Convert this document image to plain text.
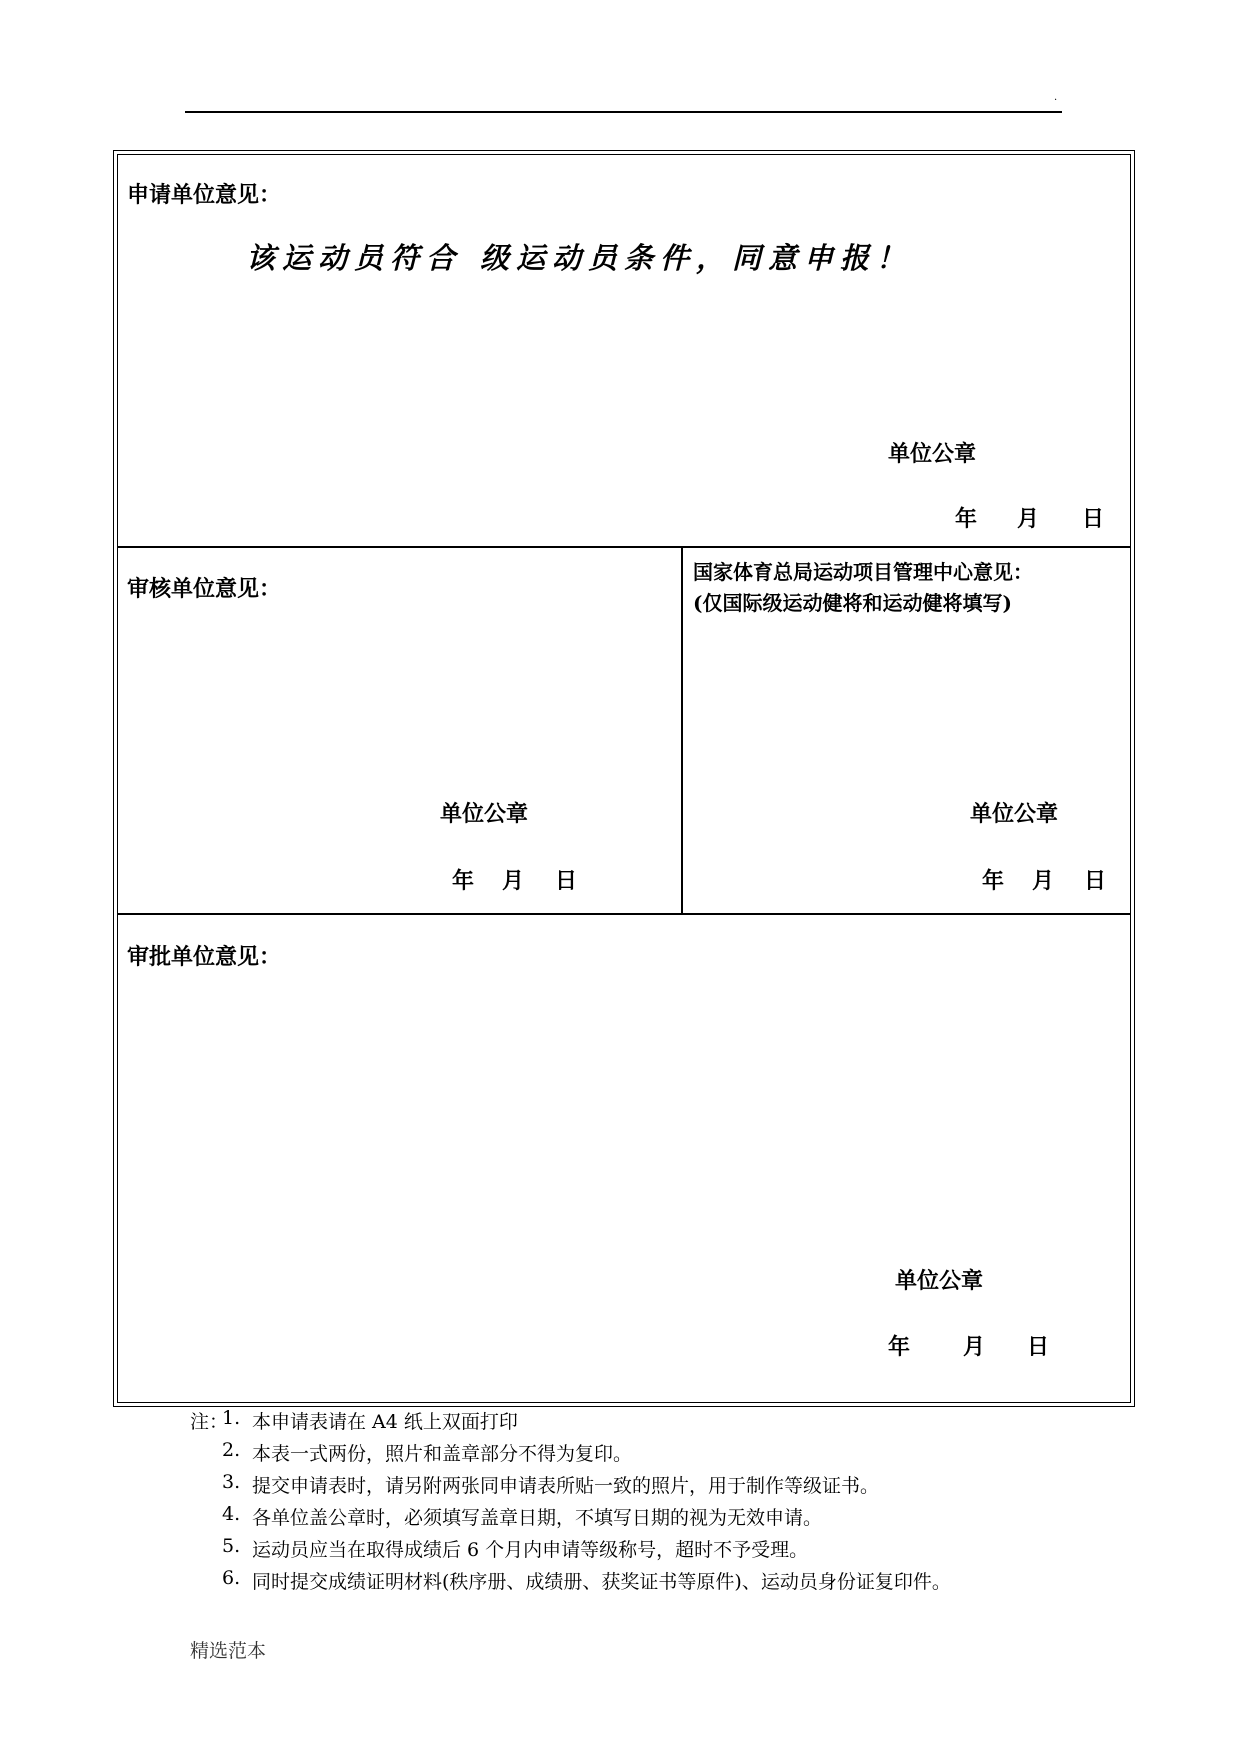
.
申请单位意见：
该运动员符合 级运动员条件，同意申报！
单位公章
年 月 日
审核单位意见：
单位公章
年 月 日
国家体育总局运动项目管理中心意见：
(仅国际级运动健将和运动健将填写)
单位公章
年 月 日
审批单位意见：
单位公章
年 月 日
注：
1. 本申请表请在 A4 纸上双面打印
2. 本表一式两份，照片和盖章部分不得为复印。
3. 提交申请表时，请另附两张同申请表所贴一致的照片，用于制作等级证书。
4. 各单位盖公章时，必须填写盖章日期，不填写日期的视为无效申请。
5. 运动员应当在取得成绩后 6 个月内申请等级称号，超时不予受理。
6. 同时提交成绩证明材料(秩序册、成绩册、获奖证书等原件)、运动员身份证复印件。
精选范本
